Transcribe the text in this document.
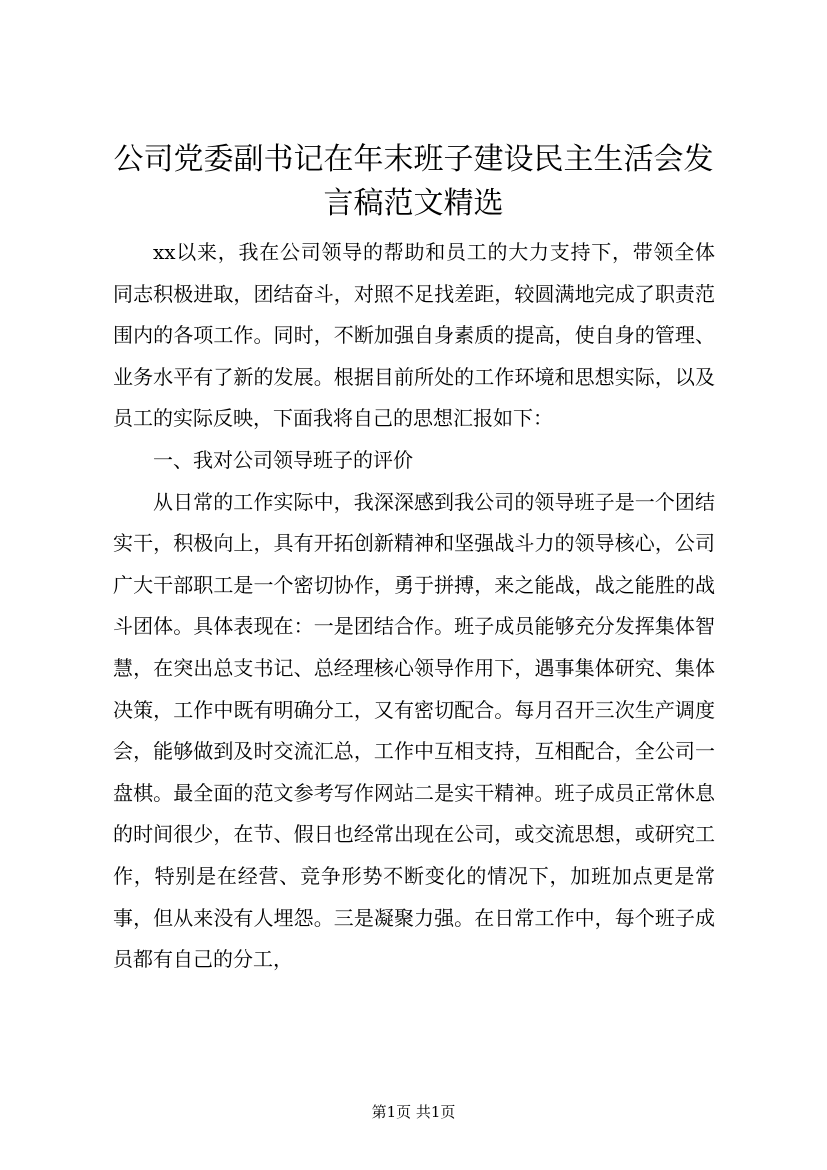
公司党委副书记在年末班子建设民主生活会发言稿范文精选

xx以来，我在公司领导的帮助和员工的大力支持下，带领全体同志积极进取，团结奋斗，对照不足找差距，较圆满地完成了职责范围内的各项工作。同时，不断加强自身素质的提高，使自身的管理、业务水平有了新的发展。根据目前所处的工作环境和思想实际，以及员工的实际反映，下面我将自己的思想汇报如下：

一、我对公司领导班子的评价

从日常的工作实际中，我深深感到我公司的领导班子是一个团结实干，积极向上，具有开拓创新精神和坚强战斗力的领导核心，公司广大干部职工是一个密切协作，勇于拼搏，来之能战，战之能胜的战斗团体。具体表现在：一是团结合作。班子成员能够充分发挥集体智慧，在突出总支书记、总经理核心领导作用下，遇事集体研究、集体决策，工作中既有明确分工，又有密切配合。每月召开三次生产调度会，能够做到及时交流汇总，工作中互相支持，互相配合，全公司一盘棋。最全面的范文参考写作网站二是实干精神。班子成员正常休息的时间很少，在节、假日也经常出现在公司，或交流思想，或研究工作，特别是在经营、竞争形势不断变化的情况下，加班加点更是常事，但从来没有人埋怨。三是凝聚力强。在日常工作中，每个班子成员都有自己的分工，

第1页 共1页
